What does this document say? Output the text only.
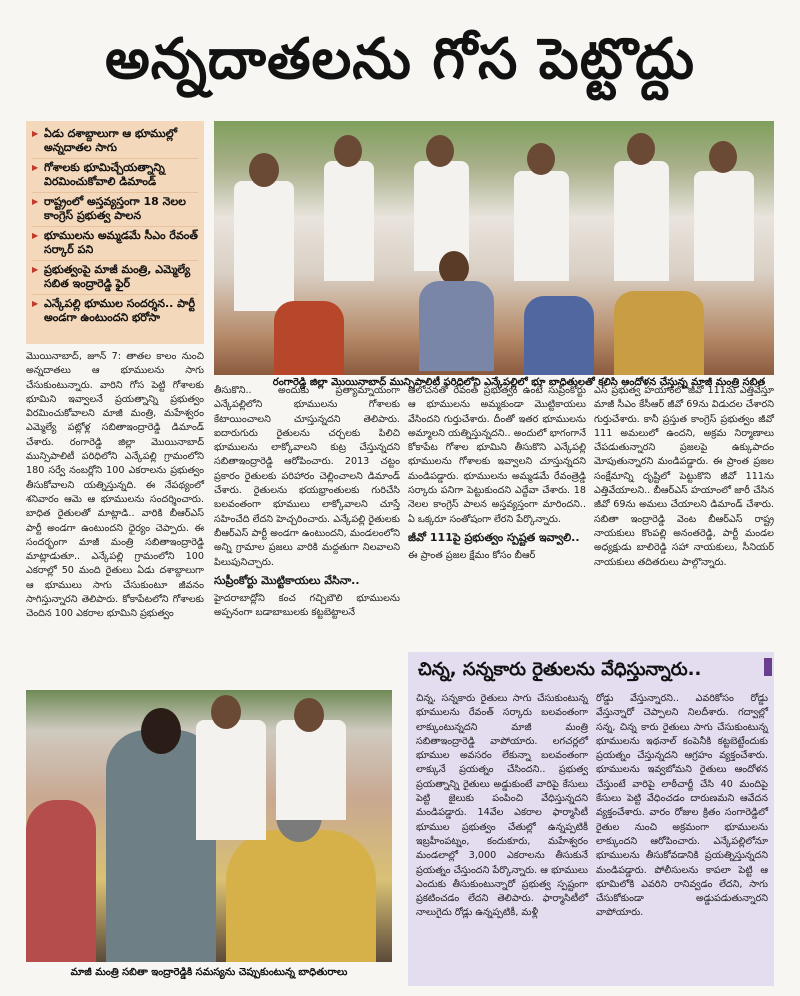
అన్నదాతలను గోస పెట్టొద్దు
▶ ఏడు దశాబ్దాలుగా ఆ భూముల్లో అన్నదాతల సాగు
▶ గోశాలకు భూమిచ్చేయత్నాన్ని విరమించుకోవాలి డిమాండ్
▶ రాష్ట్రంలో అస్తవ్యస్తంగా 18 నెలల కాంగ్రెస్ ప్రభుత్వ పాలన
▶ భూములను అమ్మడమే సీఎం రేవంత్ సర్కార్ పని
▶ ప్రభుత్వంపై మాజీ మంత్రి, ఎమ్మెల్యే సబిత ఇంద్రారెడ్డి ఫైర్
▶ ఎన్కేపల్లి భూముల సందర్శన.. పార్టీ అండగా ఉంటుందని భరోసా
రంగారెడ్డి జిల్లా మొయినాబాద్ మున్సిపాలిటీ పరిధిలోని ఎన్కేపల్లిలో భూ బాధితులతో కలిసి ఆందోళన చేస్తున్న మాజీ మంత్రి సబిత
మొయినాబాద్, జూన్ 7: తాతల కాలం నుంచి అన్నదాతలు ఆ భూములను సాగు చేసుకుంటున్నారు. వారిని గోస పెట్టి గోశాలకు భూమిని ఇవ్వాలనే ప్రయత్నాన్ని ప్రభుత్వం విరమించుకోవాలని మాజీ మంత్రి, మహేశ్వరం ఎమ్మెల్యే పట్లోళ్ల సబితాఇంద్రారెడ్డి డిమాండ్ చేశారు. రంగారెడ్డి జిల్లా మొయినాబాద్ మున్సిపాలిటీ పరిధిలోని ఎన్కేపల్లి గ్రామంలోని 180 సర్వే నంబర్లోని 100 ఎకరాలను ప్రభుత్వం తీసుకోవాలని యత్నిస్తున్నది. ఈ నేపథ్యంలో శనివారం ఆమె ఆ భూములను సందర్శించారు. బాధిత రైతులతో మాట్లాడి.. వారికి బీఆర్ఎస్ పార్టీ అండగా ఉంటుందని ధైర్యం చెప్పారు. ఈ సందర్భంగా మాజీ మంత్రి సబితాఇంద్రారెడ్డి మాట్లాడుతూ.. ఎన్కేపల్లి గ్రామంలోని 100 ఎకరాల్లో 50 మంది రైతులు ఏడు దశాబ్దాలుగా ఆ భూములు సాగు చేసుకుంటూ జీవనం సాగిస్తున్నారని తెలిపారు. కోకాపేటలోని గోశాలకు చెందిన 100 ఎకరాల భూమిని ప్రభుత్వం
తీసుకొని.. అందుకు ప్రత్యామ్నాయంగా ఎన్కేపల్లిలోని భూములను గోశాలకు కేటాయించాలని చూస్తున్నదని తెలిపారు. ఐదారుగురు రైతులను చర్చలకు పిలిచి భూములను లాక్కోవాలని కుట్ర చేస్తున్నదని సబితాఇంద్రారెడ్డి ఆరోపించారు. 2013 చట్టం ప్రకారం రైతులకు పరిహారం చెల్లించాలని డిమాండ్ చేశారు. రైతులను భయభ్రాంతులకు గురిచేసి బలవంతంగా భూములు లాక్కోవాలని చూస్తే సహించేది లేదని హెచ్చరించారు. ఎన్కేపల్లి రైతులకు బీఆర్ఎస్ పార్టీ అండగా ఉంటుందని, మండలంలోని అన్ని గ్రామాల ప్రజలు వారికి మద్దతుగా నిలవాలని పిలుపునిచ్చారు.
సుప్రీంకోర్టు మొట్టికాయలు వేసినా..
హైదరాబాద్లోని కంచ గచ్చిబౌలి భూములను అప్పనంగా బడాబాబులకు కట్టబెట్టాలనే
ఆలోచనతో రేవంత్ ప్రభుత్వం ఉంటే సుప్రీంకోర్టు ఆ భూములను అమ్మకుండా మొట్టికాయలు వేసిందని గుర్తుచేశారు. దీంతో ఇతర భూములను అమ్మాలని యత్నిస్తున్నదని.. అందులో భాగంగానే కోకాపేట గోశాల భూమిని తీసుకొని ఎన్కేపల్లి భూములను గోశాలకు ఇవ్వాలని చూస్తున్నదని మండిపడ్డారు. భూములను అమ్మడమే రేవంత్రెడ్డి సర్కారు పనిగా పెట్టుకుందని ఎద్దేవా చేశారు. 18 నెలల కాంగ్రెస్ పాలన అస్తవ్యస్తంగా మారిందని.. ఏ ఒక్కరూ సంతోషంగా లేరని పేర్కొన్నారు.
జీవో 111పై ప్రభుత్వం స్పష్టత ఇవ్వాలి..
ఈ ప్రాంత ప్రజల క్షేమం కోసం బీఆర్
ఎస్ ప్రభుత్వ హయాంలో జీవో 111ను ఎత్తివేస్తూ మాజీ సీఎం కేసీఆర్ జీవో 69ను విడుదల చేశారని గుర్తుచేశారు. కానీ ప్రస్తుత కాంగ్రెస్ ప్రభుత్వం జీవో 111 అమలులో ఉందని, అక్రమ నిర్మాణాలు చేపడుతున్నారని ప్రజలపై ఉక్కుపాదం మోపుతున్నారని మండిపడ్డారు. ఈ ప్రాంత ప్రజల సంక్షేమాన్ని దృష్టిలో పెట్టుకొని జీవో 111ను ఎత్తివేయాలని.. బీఆర్ఎస్ హయాంలో జారీ చేసిన జీవో 69ను అమలు చేయాలని డిమాండ్ చేశారు. సబితా ఇంద్రారెడ్డి వెంట బీఆర్ఎస్ రాష్ట్ర నాయకులు కొంపల్లి అనంతరెడ్డి, పార్టీ మండల అధ్యక్షుడు బాలిరెడ్డి సహా నాయకులు, సీనియర్ నాయకులు తదితరులు పాల్గొన్నారు.
చిన్న, సన్నకారు రైతులను వేధిస్తున్నారు..
చిన్న, సన్నకారు రైతులు సాగు చేసుకుంటున్న భూములను రేవంత్ సర్కారు బలవంతంగా లాక్కుంటున్నదని మాజీ మంత్రి సబితాఇంద్రారెడ్డి వాపోయారు. లగచర్లలో భూముల అవసరం లేకున్నా బలవంతంగా లాక్కునే ప్రయత్నం చేసిందని.. ప్రభుత్వ ప్రయత్నాన్ని రైతులు అడ్డుకుంటే వారిపై కేసులు పెట్టి జైలుకు పంపించి వేధిస్తున్నదని మండిపడ్డారు. 14వేల ఎకరాల ఫార్మాసిటీ భూముల ప్రభుత్వం చేతుల్లో ఉన్నప్పటికీ ఇబ్రహీంపట్నం, కందుకూరు, మహేశ్వరం మండలాల్లో 3,000 ఎకరాలను తీసుకునే ప్రయత్నం చేస్తుందని పేర్కొన్నారు. ఆ భూములు ఎందుకు తీసుకుంటున్నారో ప్రభుత్వ స్పష్టంగా ప్రకటించడం లేదని తెలిపారు. ఫార్మాసిటీలో నాలుగైదు రోడ్లు ఉన్నప్పటికీ, మళ్లీ
రోడ్డు వేస్తున్నారని.. ఎవరికోసం రోడ్డు వేస్తున్నారో చెప్పాలని నిలదీశారు. గద్వాల్లో సన్న, చిన్న కారు రైతులు సాగు చేసుకుంటున్న భూములను ఇథనాల్ కంపెనీకి కట్టబెట్టేందుకు ప్రయత్నం చేస్తున్నదని ఆగ్రహం వ్యక్తంచేశారు. భూములను ఇవ్వబోమని రైతులు ఆందోళన చేస్తుంటే వారిపై లాఠీచార్జీ చేసి 40 మందిపై కేసులు పెట్టి వేధించడం దారుణమని ఆవేదన వ్యక్తంచేశారు. వారం రోజుల క్రితం సంగారెడ్డిలో రైతుల నుంచి అక్రమంగా భూములను లాక్కుందని ఆరోపించారు. ఎన్కేపల్లిలోనూ భూములను తీసుకోవడానికి ప్రయత్నిస్తున్నదని మండిపడ్డారు. పోలీసులను కాపలా పెట్టి ఆ భూమిలోకి ఎవరిని రానివ్వడం లేదని, సాగు చేసుకోకుండా అడ్డుపడుతున్నారని వాపోయారు.
మాజీ మంత్రి సబితా ఇంద్రారెడ్డికి సమస్యను చెప్పుకుంటున్న బాధితురాలు
